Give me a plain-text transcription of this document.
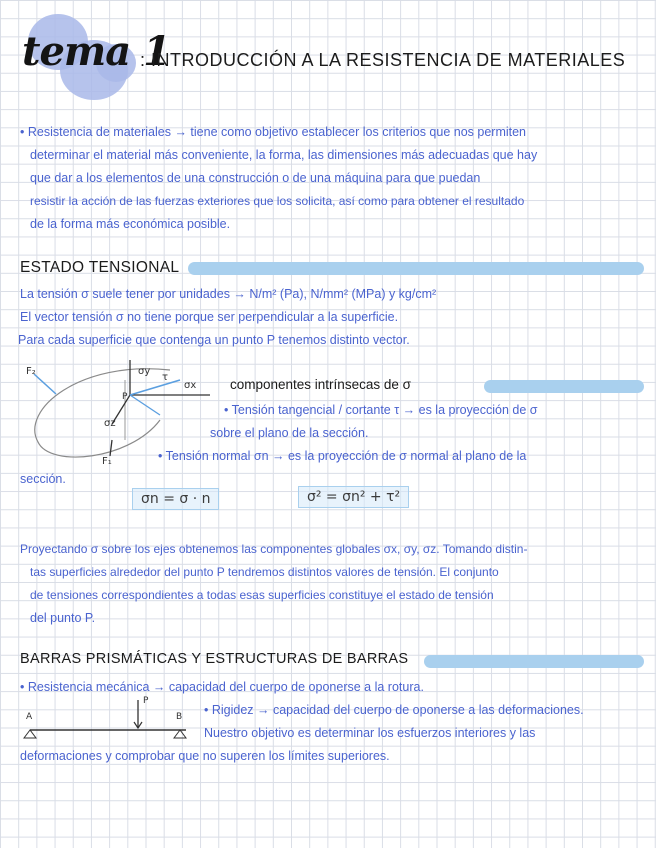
tema 1
: INTRODUCCIÓN A LA RESISTENCIA DE MATERIALES

• Resistencia de materiales → tiene como objetivo establecer los criterios que nos permiten

determinar el material más conveniente, la forma, las dimensiones más adecuadas que hay

que dar a los elementos de una construcción o de una máquina para que puedan

resistir la acción de las fuerzas exteriores que los solicita, así como para obtener el resultado

de la forma más económica posible.

ESTADO TENSIONAL

La tensión σ suele tener por unidades → N/m² (Pa), N/mm² (MPa) y kg/cm²

El vector tensión σ no tiene porque ser perpendicular a la superficie.

Para cada superficie que contenga un punto P tenemos distinto vector.

F₂	σy
τ
σx
P
σz
F₁
componentes intrínsecas de σ

• Tensión tangencial / cortante τ → es la proyección de σ

sobre el plano de la sección.

• Tensión normal σn → es la proyección de σ normal al plano de la

sección.

σn = σ · n	σ² = σn² + τ²

Proyectando σ sobre los ejes obtenemos las componentes globales σx, σy, σz. Tomando distin-

tas superficies alrededor del punto P tendremos distintos valores de tensión. El conjunto

de tensiones correspondientes a todas esas superficies constituye el estado de tensión

del punto P.

BARRAS PRISMÁTICAS Y ESTRUCTURAS DE BARRAS

• Resistencia mecánica → capacidad del cuerpo de oponerse a la rotura.

• Rigidez → capacidad del cuerpo de oponerse a las deformaciones.

Nuestro objetivo es determinar los esfuerzos interiores y las

deformaciones y comprobar que no superen los límites superiores.

A	B
P
